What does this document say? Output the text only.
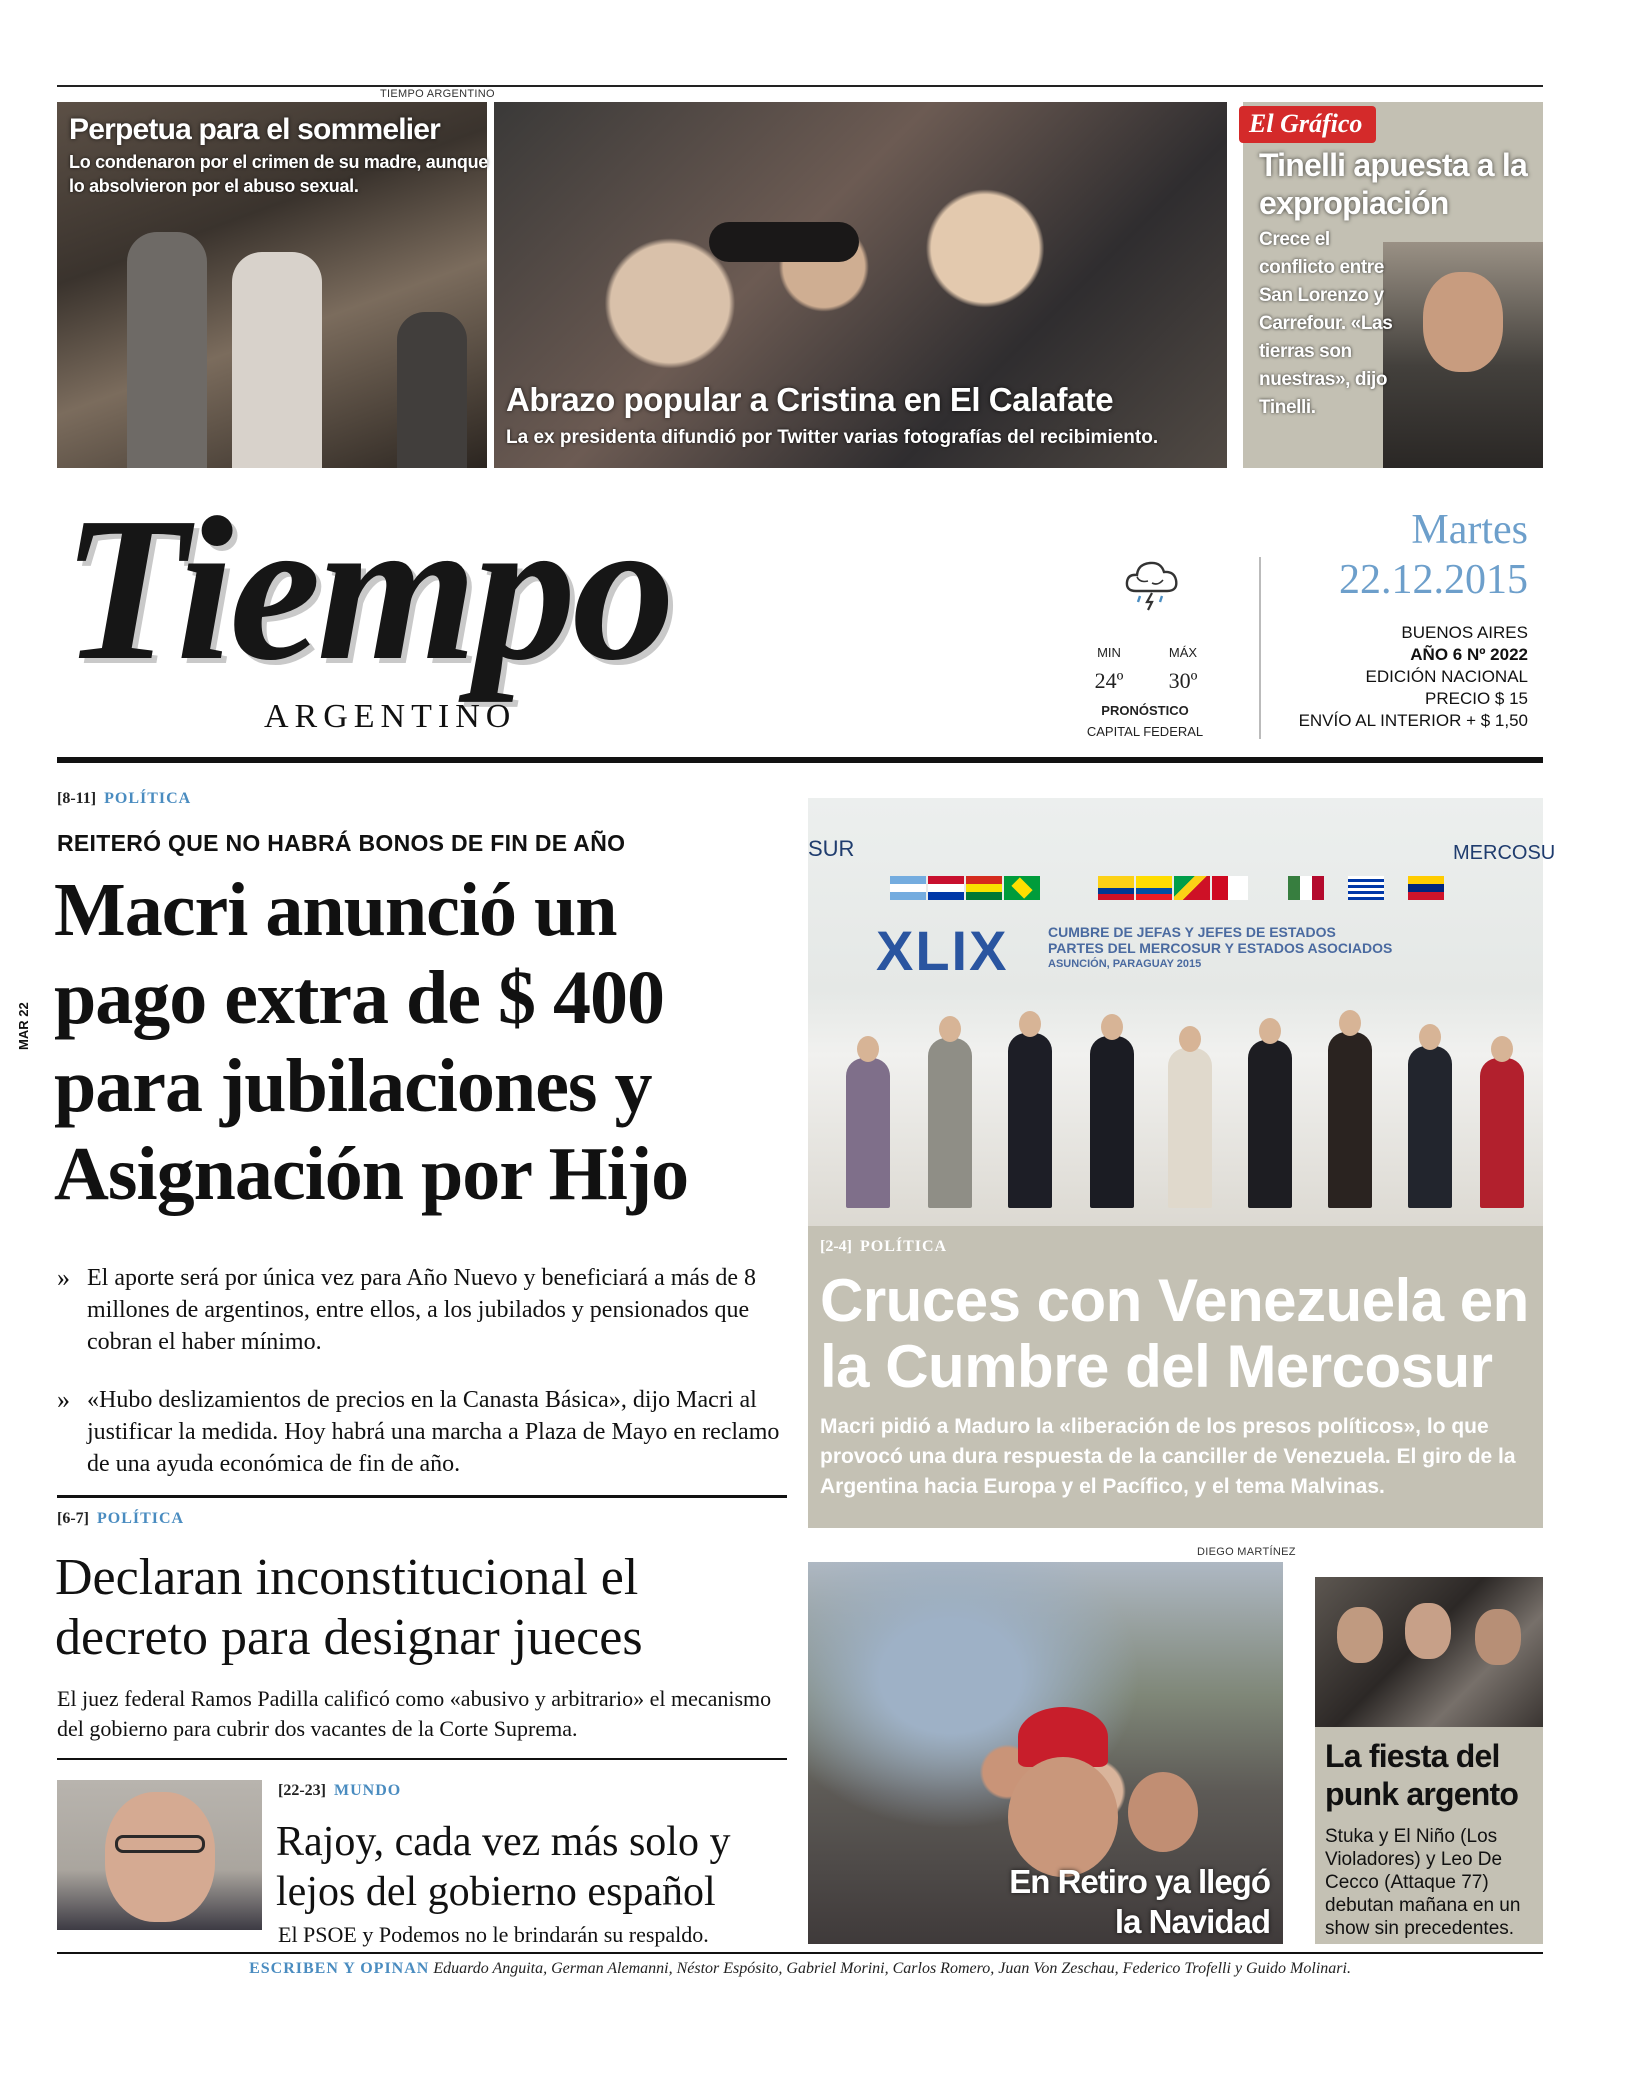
TIEMPO ARGENTINO
Perpetua para el sommelier
Lo condenaron por el crimen de su madre, aunque lo absolvieron por el abuso sexual.
Abrazo popular a Cristina en El Calafate
La ex presidenta difundió por Twitter varias fotografías del recibimiento.
El Gráfico
Tinelli apuesta a la expropiación
Crece el conflicto entre San Lorenzo y Carrefour. «Las tierras son nuestras», dijo Tinelli.
Tiempo
ARGENTINO
MIN	MÁX
24º	30º
PRONÓSTICO
CAPITAL FEDERAL
Martes
22.12.2015
BUENOS AIRES
AÑO 6 Nº 2022
EDICIÓN NACIONAL
PRECIO $ 15
ENVÍO AL INTERIOR + $ 1,50
MAR 22
[8-11] POLÍTICA
REITERÓ QUE NO HABRÁ BONOS DE FIN DE AÑO
Macri anunció un
pago extra de $ 400
para jubilaciones y
Asignación por Hijo
» El aporte será por única vez para Año Nuevo y beneficiará a más de 8 millones de argentinos, entre ellos, a los jubilados y pensionados que cobran el haber mínimo.
» «Hubo deslizamientos de precios en la Canasta Básica», dijo Macri al justificar la medida. Hoy habrá una marcha a Plaza de Mayo en reclamo de una ayuda económica de fin de año.
[6-7] POLÍTICA
Declaran inconstitucional el decreto para designar jueces
El juez federal Ramos Padilla calificó como «abusivo y arbitrario» el mecanismo del gobierno para cubrir dos vacantes de la Corte Suprema.
[22-23] MUNDO
Rajoy, cada vez más solo y lejos del gobierno español
El PSOE y Podemos no le brindarán su respaldo.
SUR	MERCOSU
XLIX	CUMBRE DE JEFAS Y JEFES DE ESTADOS
PARTES DEL MERCOSUR Y ESTADOS ASOCIADOS
ASUNCIÓN, PARAGUAY 2015
[2-4] POLÍTICA
Cruces con Venezuela en la Cumbre del Mercosur
Macri pidió a Maduro la «liberación de los presos políticos», lo que provocó una dura respuesta de la canciller de Venezuela. El giro de la Argentina hacia Europa y el Pacífico, y el tema Malvinas.
DIEGO MARTÍNEZ
En Retiro ya llegó la Navidad
La fiesta del punk argento
Stuka y El Niño (Los Violadores) y Leo De Cecco (Attaque 77) debutan mañana en un show sin precedentes.
ESCRIBEN Y OPINAN Eduardo Anguita, German Alemanni, Néstor Espósito, Gabriel Morini, Carlos Romero, Juan Von Zeschau, Federico Trofelli y Guido Molinari.
